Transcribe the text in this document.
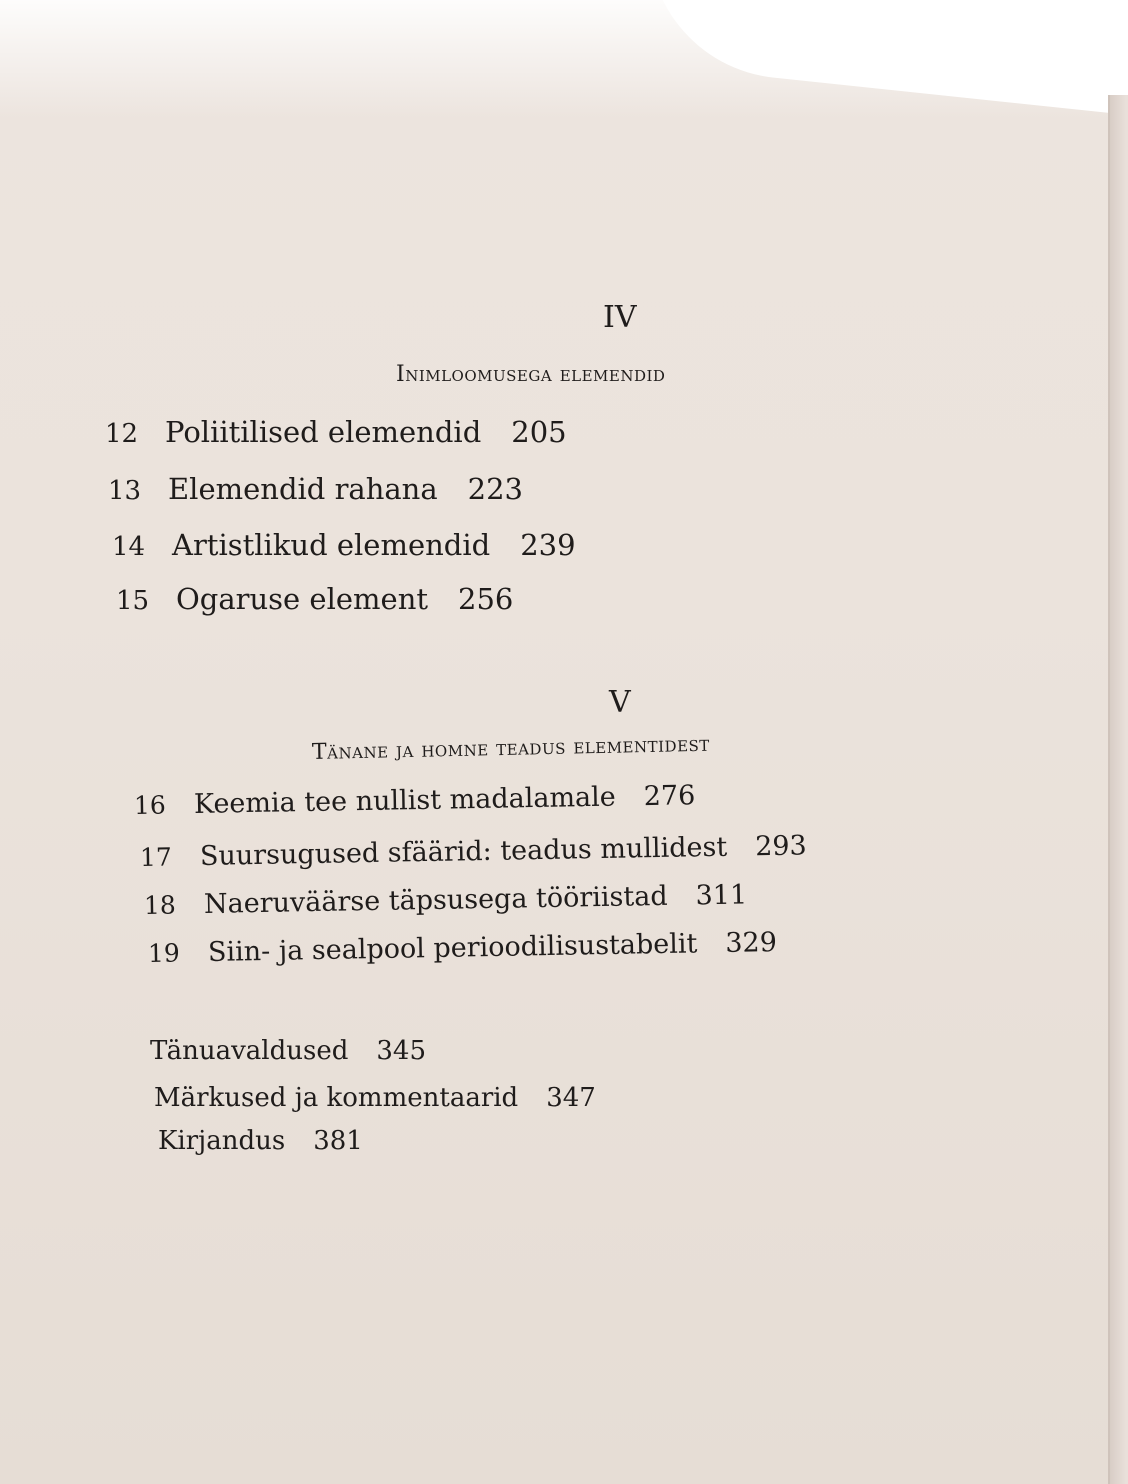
IV
Inimloomusega elemendid
12 Poliitilised elemendid 205
13 Elemendid rahana 223
14 Artistlikud elemendid 239
15 Ogaruse element 256
V
Tänane ja homne teadus elementidest
16 Keemia tee nullist madalamale 276
17 Suursugused sfäärid: teadus mullidest 293
18 Naeruväärse täpsusega tööriistad 311
19 Siin- ja sealpool perioodilisustabelit 329
Tänuavaldused 345
Märkused ja kommentaarid 347
Kirjandus 381
